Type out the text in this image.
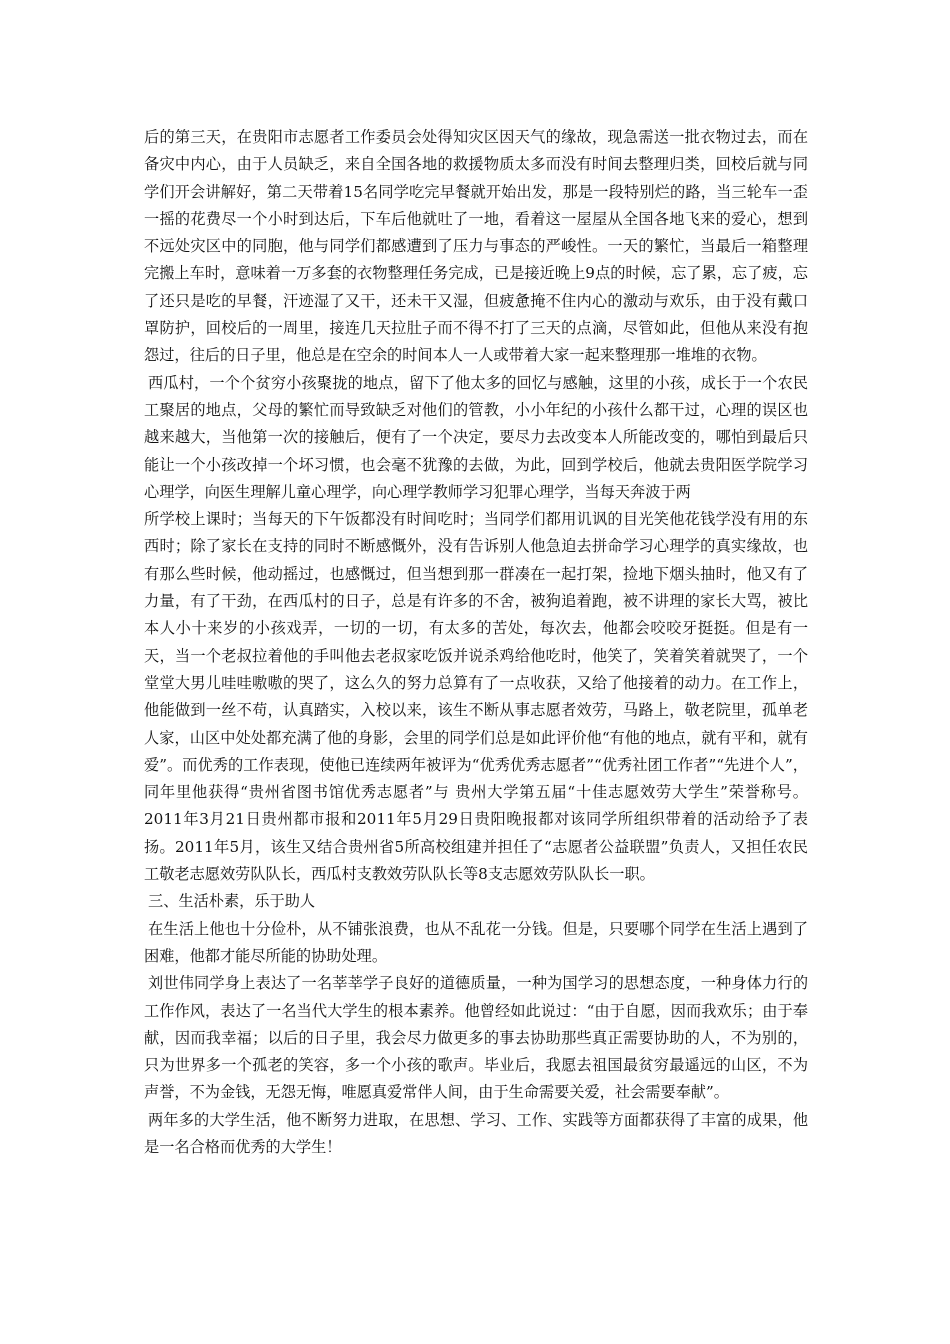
后的第三天，在贵阳市志愿者工作委员会处得知灾区因天气的缘故，现急需送一批衣物过去，而在备灾中内心，由于人员缺乏，来自全国各地的救援物质太多而没有时间去整理归类，回校后就与同学们开会讲解好，第二天带着15名同学吃完早餐就开始出发，那是一段特别烂的路，当三轮车一歪一摇的花费尽一个小时到达后，下车后他就吐了一地，看着这一屋屋从全国各地飞来的爱心，想到不远处灾区中的同胞，他与同学们都感遭到了压力与事态的严峻性。一天的繁忙，当最后一箱整理完搬上车时，意味着一万多套的衣物整理任务完成，已是接近晚上9点的时候，忘了累，忘了疲，忘了还只是吃的早餐，汗迹湿了又干，还未干又湿，但疲惫掩不住内心的激动与欢乐，由于没有戴口罩防护，回校后的一周里，接连几天拉肚子而不得不打了三天的点滴，尽管如此，但他从来没有抱怨过，往后的日子里，他总是在空余的时间本人一人或带着大家一起来整理那一堆堆的衣物。

西瓜村，一个个贫穷小孩聚拢的地点，留下了他太多的回忆与感触，这里的小孩，成长于一个农民工聚居的地点，父母的繁忙而导致缺乏对他们的管教，小小年纪的小孩什么都干过，心理的误区也越来越大，当他第一次的接触后，便有了一个决定，要尽力去改变本人所能改变的，哪怕到最后只能让一个小孩改掉一个坏习惯，也会毫不犹豫的去做，为此，回到学校后，他就去贵阳医学院学习心理学，向医生理解儿童心理学，向心理学教师学习犯罪心理学，当每天奔波于两

所学校上课时；当每天的下午饭都没有时间吃时；当同学们都用讥讽的目光笑他花钱学没有用的东西时；除了家长在支持的同时不断感慨外，没有告诉别人他急迫去拼命学习心理学的真实缘故，也有那么些时候，他动摇过，也感慨过，但当想到那一群凑在一起打架，捡地下烟头抽时，他又有了力量，有了干劲，在西瓜村的日子，总是有许多的不舍，被狗追着跑，被不讲理的家长大骂，被比本人小十来岁的小孩戏弄，一切的一切，有太多的苦处，每次去，他都会咬咬牙挺挺。但是有一天，当一个老叔拉着他的手叫他去老叔家吃饭并说杀鸡给他吃时，他笑了，笑着笑着就哭了，一个堂堂大男儿哇哇嗷嗷的哭了，这么久的努力总算有了一点收获，又给了他接着的动力。在工作上，他能做到一丝不苟，认真踏实，入校以来，该生不断从事志愿者效劳，马路上，敬老院里，孤单老人家，山区中处处都充满了他的身影，会里的同学们总是如此评价他“有他的地点，就有平和，就有爱”。而优秀的工作表现，使他已连续两年被评为“优秀优秀志愿者”“优秀社团工作者”“先进个人”，同年里他获得“贵州省图书馆优秀志愿者”与 贵州大学第五届“十佳志愿效劳大学生”荣誉称号。2011年3月21日贵州都市报和2011年5月29日贵阳晚报都对该同学所组织带着的活动给予了表扬。2011年5月，该生又结合贵州省5所高校组建并担任了“志愿者公益联盟”负责人，又担任农民工敬老志愿效劳队队长，西瓜村支教效劳队队长等8支志愿效劳队队长一职。

三、生活朴素，乐于助人

在生活上他也十分俭朴，从不铺张浪费，也从不乱花一分钱。但是，只要哪个同学在生活上遇到了困难，他都才能尽所能的协助处理。

刘世伟同学身上表达了一名莘莘学子良好的道德质量，一种为国学习的思想态度，一种身体力行的工作作风，表达了一名当代大学生的根本素养。他曾经如此说过：“由于自愿，因而我欢乐；由于奉献，因而我幸福；以后的日子里，我会尽力做更多的事去协助那些真正需要协助的人，不为别的，只为世界多一个孤老的笑容，多一个小孩的歌声。毕业后，我愿去祖国最贫穷最遥远的山区，不为声誉，不为金钱，无怨无悔，唯愿真爱常伴人间，由于生命需要关爱，社会需要奉献”。

两年多的大学生活，他不断努力进取，在思想、学习、工作、实践等方面都获得了丰富的成果，他是一名合格而优秀的大学生！
